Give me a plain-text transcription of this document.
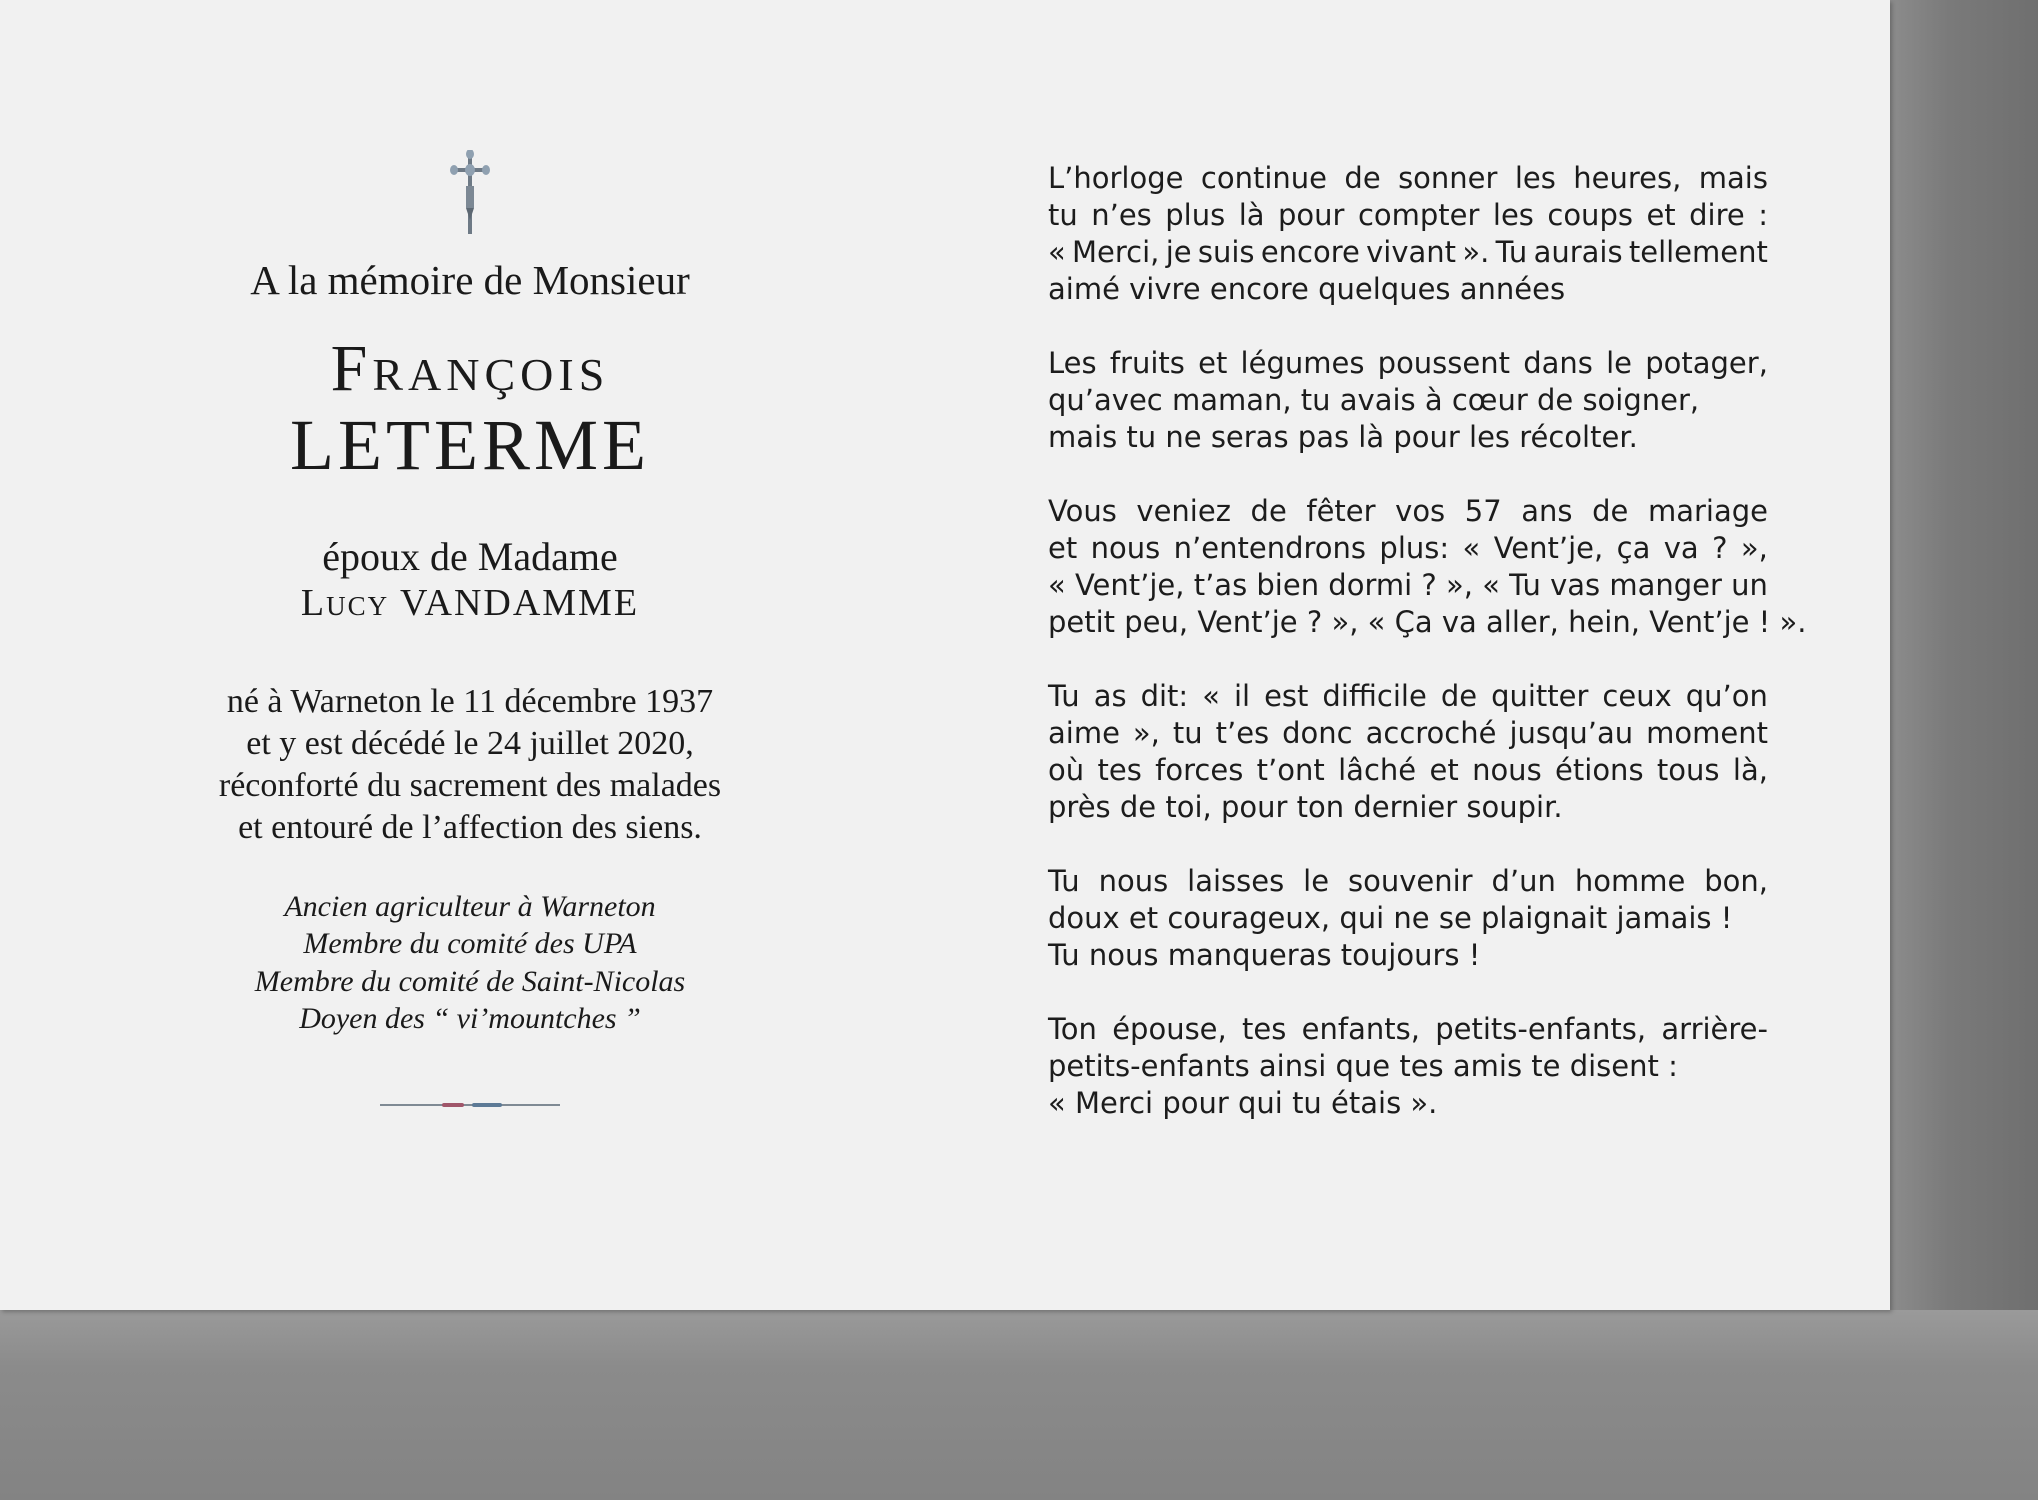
A la mémoire de Monsieur
François
LETERME
époux de Madame
Lucy VANDAMME
né à Warneton le 11 décembre 1937
et y est décédé le 24 juillet 2020,
réconforté du sacrement des malades
et entouré de l’affection des siens.
Ancien agriculteur à Warneton
Membre du comité des UPA
Membre du comité de Saint-Nicolas
Doyen des “ vi’mountches ”
L’horloge continue de sonner les heures, mais
tu n’es plus là pour compter les coups et dire :
« Merci, je suis encore vivant ». Tu aurais tellement
aimé vivre encore quelques années
Les fruits et légumes poussent dans le potager,
qu’avec maman, tu avais à cœur de soigner,
mais tu ne seras pas là pour les récolter.
Vous veniez de fêter vos 57 ans de mariage
et nous n’entendrons plus: « Vent’je, ça va ? »,
« Vent’je, t’as bien dormi ? », « Tu vas manger un
petit peu, Vent’je ? », « Ça va aller, hein, Vent’je ! ».
Tu as dit: « il est difficile de quitter ceux qu’on
aime », tu t’es donc accroché jusqu’au moment
où tes forces t’ont lâché et nous étions tous là,
près de toi, pour ton dernier soupir.
Tu nous laisses le souvenir d’un homme bon,
doux et courageux, qui ne se plaignait jamais !
Tu nous manqueras toujours !
Ton épouse, tes enfants, petits-enfants, arrière-
petits-enfants ainsi que tes amis te disent :
« Merci pour qui tu étais ».
